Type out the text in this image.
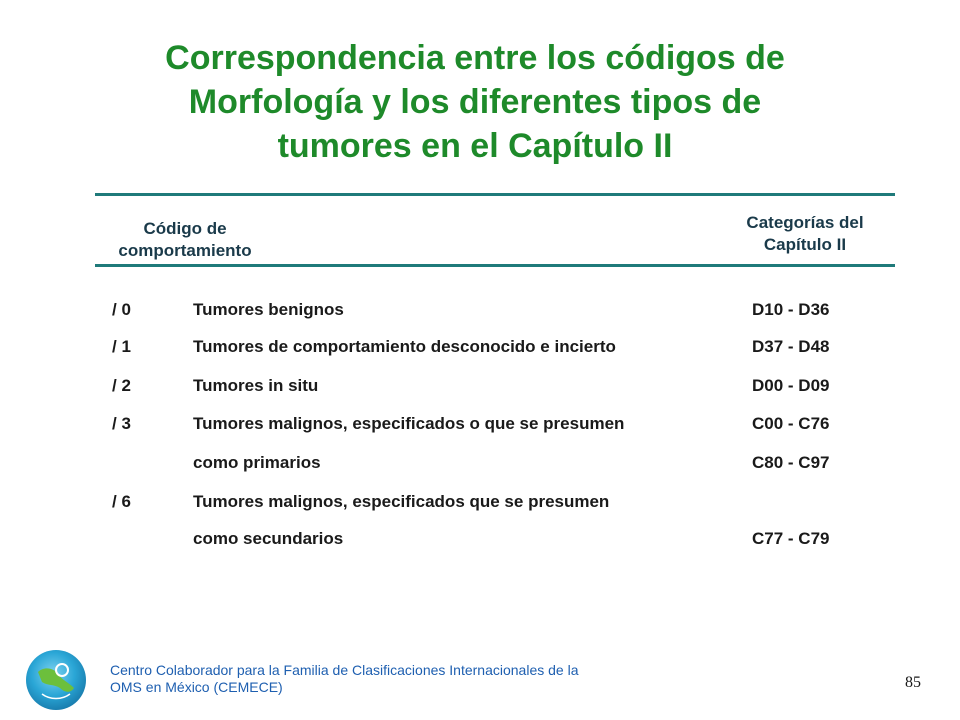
Correspondencia entre los códigos de
Morfología y los diferentes tipos de
tumores en el Capítulo II
Código de
comportamiento
Categorías del
Capítulo II
/ 0	Tumores benignos	D10 - D36
/ 1	Tumores de comportamiento desconocido e incierto	D37 - D48
/ 2	Tumores in situ	D00 - D09
/ 3	Tumores malignos, especificados o que se presumen	C00 - C76
como primarios	C80 - C97
/ 6	Tumores malignos, especificados que se presumen
como secundarios	C77 - C79
Centro Colaborador para la Familia de Clasificaciones Internacionales de la
OMS en México (CEMECE)	85
